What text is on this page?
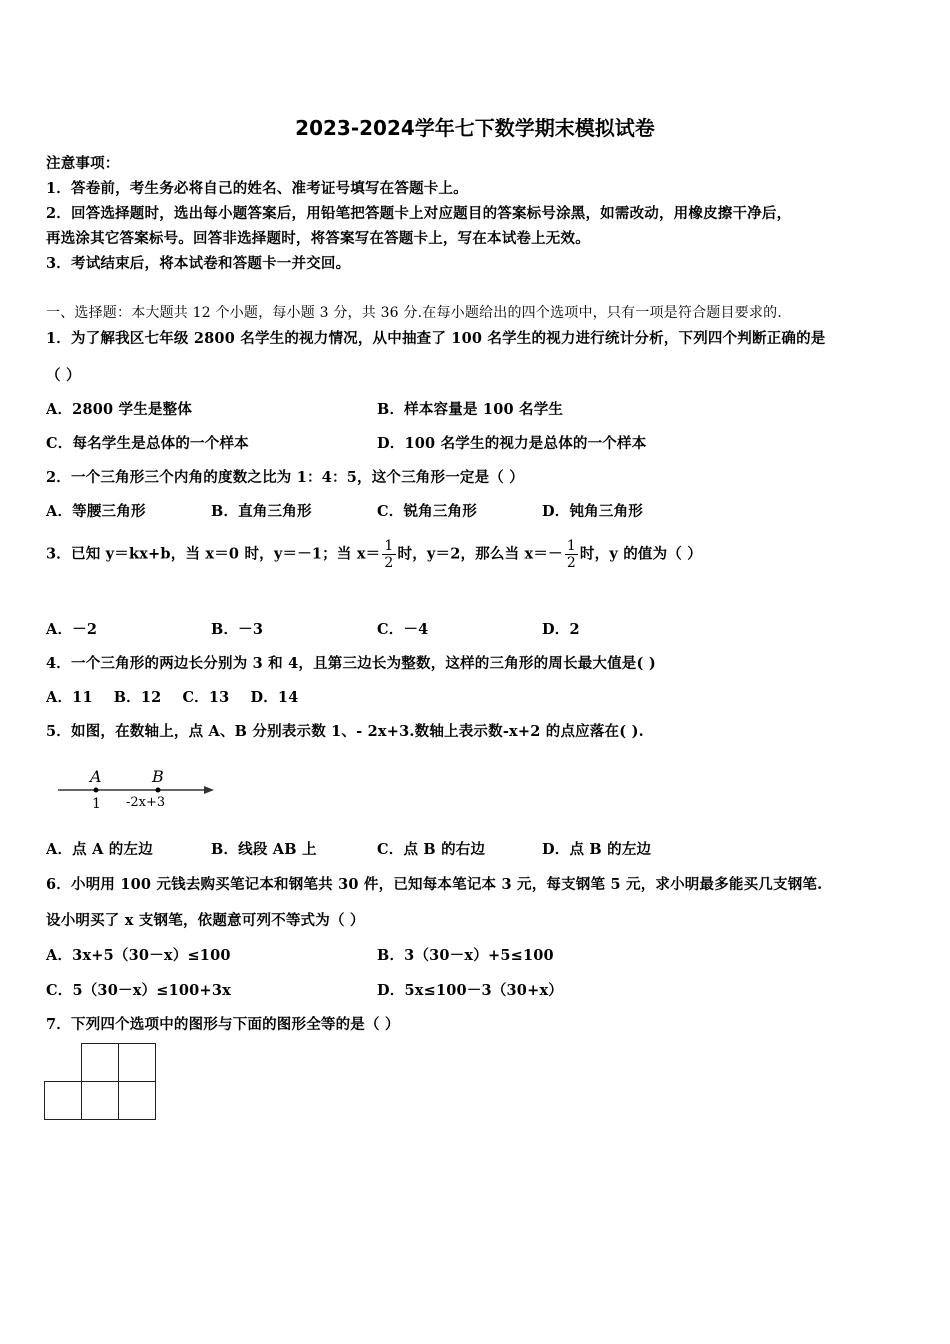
2023-2024学年七下数学期末模拟试卷
注意事项：
1．答卷前，考生务必将自己的姓名、准考证号填写在答题卡上。
2．回答选择题时，选出每小题答案后，用铅笔把答题卡上对应题目的答案标号涂黑，如需改动，用橡皮擦干净后，
再选涂其它答案标号。回答非选择题时，将答案写在答题卡上，写在本试卷上无效。
3．考试结束后，将本试卷和答题卡一并交回。
一、选择题：本大题共 12 个小题，每小题 3 分，共 36 分.在每小题给出的四个选项中，只有一项是符合题目要求的.
1．为了解我区七年级 2800 名学生的视力情况，从中抽查了 100 名学生的视力进行统计分析，下列四个判断正确的是
（ ）
A．2800 学生是整体	B．样本容量是 100 名学生
C．每名学生是总体的一个样本	D．100 名学生的视力是总体的一个样本
2．一个三角形三个内角的度数之比为 1：4：5，这个三角形一定是（ ）
A．等腰三角形	B．直角三角形	C．锐角三角形	D．钝角三角形
3．已知 y＝kx+b，当 x＝0 时，y＝－1；当 $x= \frac{1}{2}$ 时，y＝2，那么当 $x=- \frac{1}{2}$ 时，y 的值为（ ）
A．－2	B．－3	C．－4	D．2
4．一个三角形的两边长分别为 3 和 4，且第三边长为整数，这样的三角形的周长最大值是( )
A．11    B．12    C．13    D．14
5．如图，在数轴上，点 A、B 分别表示数 1、- 2x+3.数轴上表示数-x+2 的点应落在( ).
A	B
1 -2x+3
A．点 A 的左边	B．线段 AB 上	C．点 B 的右边	D．点 B 的左边
6．小明用 100 元钱去购买笔记本和钢笔共 30 件，已知每本笔记本 3 元，每支钢笔 5 元，求小明最多能买几支钢笔.
设小明买了 x 支钢笔，依题意可列不等式为（ ）
A．3x+5（30－x）≤100	B．3（30－x）+5≤100
C．5（30－x）≤100+3x	D．5x≤100－3（30+x）
7．下列四个选项中的图形与下面的图形全等的是（ ）
